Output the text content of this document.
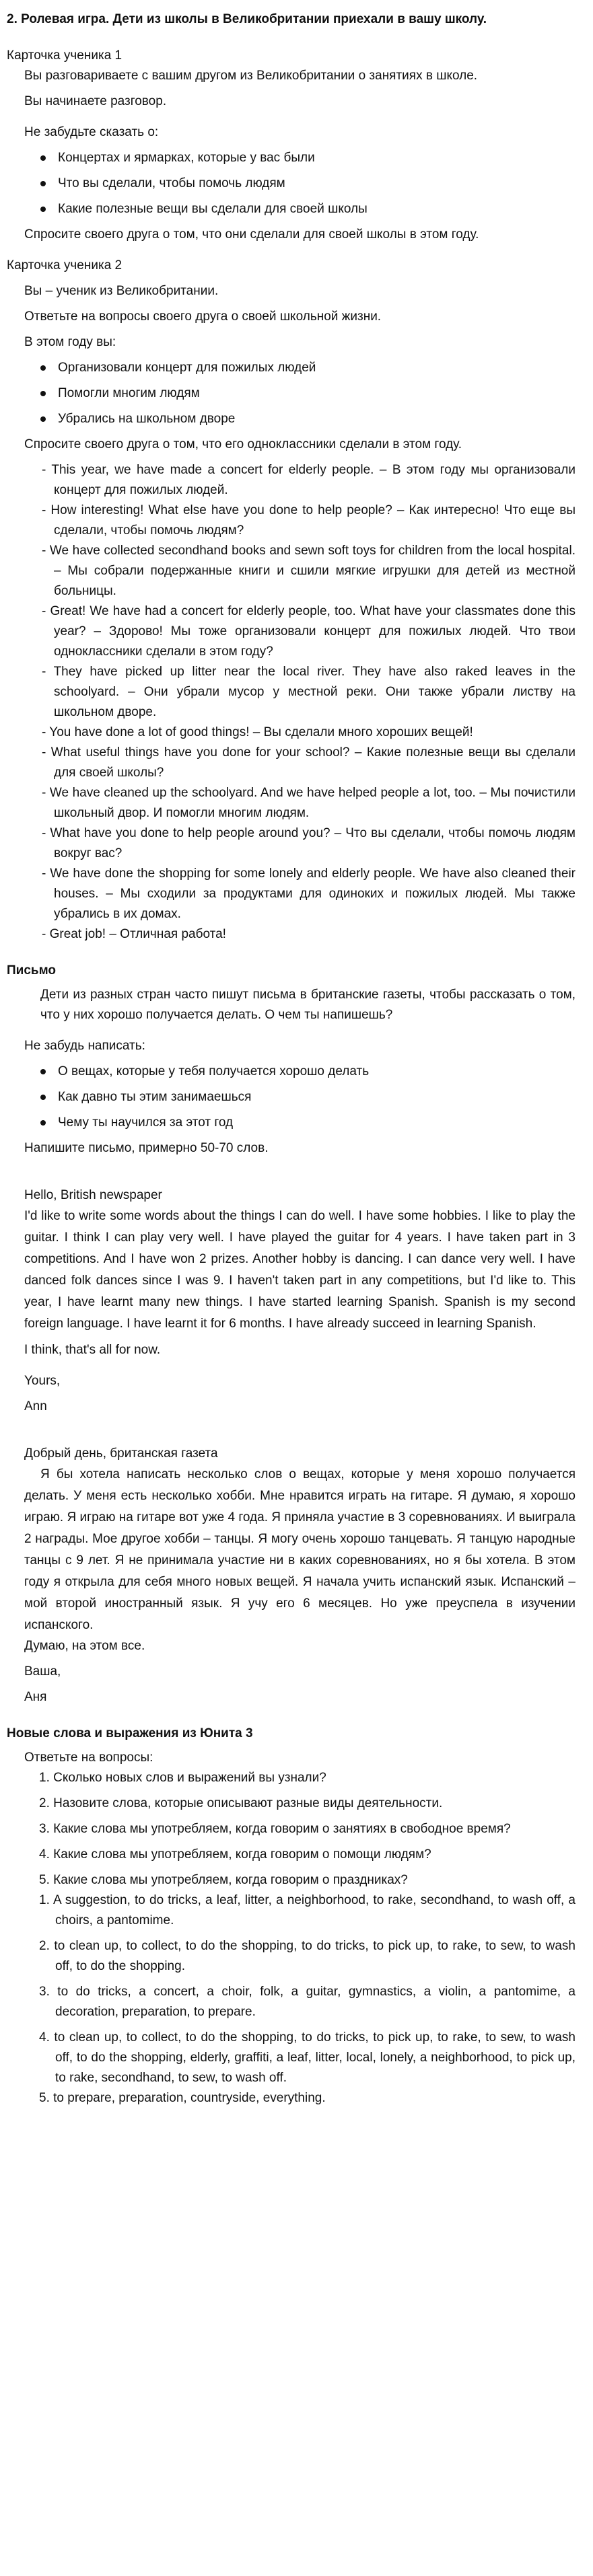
2. Ролевая игра. Дети из школы в Великобритании приехали в вашу школу.

Карточка ученика 1

Вы разговариваете с вашим другом из Великобритании о занятиях в школе.

Вы начинаете разговор.

Не забудьте сказать о:

Концертах и ярмарках, которые у вас были
Что вы сделали, чтобы помочь людям
Какие полезные вещи вы сделали для своей школы

Спросите своего друга о том, что они сделали для своей школы в этом году.

Карточка ученика 2

Вы – ученик из Великобритании.

Ответьте на вопросы своего друга о своей школьной жизни.

В этом году вы:

Организовали концерт для пожилых людей
Помогли многим людям
Убрались на школьном дворе

Спросите своего друга о том, что его одноклассники сделали в этом году.

- This year, we have made a concert for elderly people. – В этом году мы организовали концерт для пожилых людей.

- How interesting! What else have you done to help people? – Как интересно! Что еще вы сделали, чтобы помочь людям?

- We have collected secondhand books and sewn soft toys for children from the local hospital. – Мы собрали подержанные книги и сшили мягкие игрушки для детей из местной больницы.

- Great! We have had a concert for elderly people, too. What have your classmates done this year? – Здорово! Мы тоже организовали концерт для пожилых людей. Что твои одноклассники сделали в этом году?

- They have picked up litter near the local river. They have also raked leaves in the schoolyard. – Они убрали мусор у местной реки. Они также убрали листву на школьном дворе.

- You have done a lot of good things! – Вы сделали много хороших вещей!

- What useful things have you done for your school? – Какие полезные вещи вы сделали для своей школы?

- We have cleaned up the schoolyard. And we have helped people a lot, too. – Мы почистили школьный двор. И помогли многим людям.

- What have you done to help people around you? – Что вы сделали, чтобы помочь людям вокруг вас?

- We have done the shopping for some lonely and elderly people. We have also cleaned their houses. – Мы сходили за продуктами для одиноких и пожилых людей. Мы также убрались в их домах.

- Great job! – Отличная работа!

Письмо

Дети из разных стран часто пишут письма в британские газеты, чтобы рассказать о том, что у них хорошо получается делать. О чем ты напишешь?

Не забудь написать:

О вещах, которые у тебя получается хорошо делать
Как давно ты этим занимаешься
Чему ты научился за этот год

Напишите письмо, примерно 50-70 слов.

Hello, British newspaper

I'd like to write some words about the things I can do well. I have some hobbies. I like to play the guitar. I think I can play very well. I have played the guitar for 4 years. I have taken part in 3 competitions. And I have won 2 prizes. Another hobby is dancing. I can dance very well. I have danced folk dances since I was 9. I haven't taken part in any competitions, but I'd like to. This year, I have learnt many new things. I have started learning Spanish. Spanish is my second foreign language. I have learnt it for 6 months. I have already succeed in learning Spanish.

I think, that's all for now.

Yours,

Ann

Добрый день, британская газета

Я бы хотела написать несколько слов о вещах, которые у меня хорошо получается делать. У меня есть несколько хобби. Мне нравится играть на гитаре. Я думаю, я хорошо играю. Я играю на гитаре вот уже 4 года. Я приняла участие в 3 соревнованиях. И выиграла 2 награды. Мое другое хобби – танцы. Я могу очень хорошо танцевать. Я танцую народные танцы с 9 лет. Я не принимала участие ни в каких соревнованиях, но я бы хотела. В этом году я открыла для себя много новых вещей. Я начала учить испанский язык. Испанский – мой второй иностранный язык. Я учу его 6 месяцев. Но уже преуспела в изучении испанского.

Думаю, на этом все.

Ваша,

Аня

Новые слова и выражения из Юнита 3

Ответьте на вопросы:

1. Сколько новых слов и выражений вы узнали?
2. Назовите слова, которые описывают разные виды деятельности.
3. Какие слова мы употребляем, когда говорим о занятиях в свободное время?
4. Какие слова мы употребляем, когда говорим о помощи людям?
5. Какие слова мы употребляем, когда говорим о праздниках?
1. A suggestion, to do tricks, a leaf, litter, a neighborhood, to rake, secondhand, to wash off, a choirs, a pantomime.
2. to clean up, to collect, to do the shopping, to do tricks, to pick up, to rake, to sew, to wash off, to do the shopping.
3. to do tricks, a concert, a choir, folk, a guitar, gymnastics, a violin, a pantomime, a decoration, preparation, to prepare.
4. to clean up, to collect, to do the shopping, to do tricks, to pick up, to rake, to sew, to wash off, to do the shopping, elderly, graffiti, a leaf, litter, local, lonely, a neighborhood, to pick up, to rake, secondhand, to sew, to wash off.
5. to prepare, preparation, countryside, everything.
